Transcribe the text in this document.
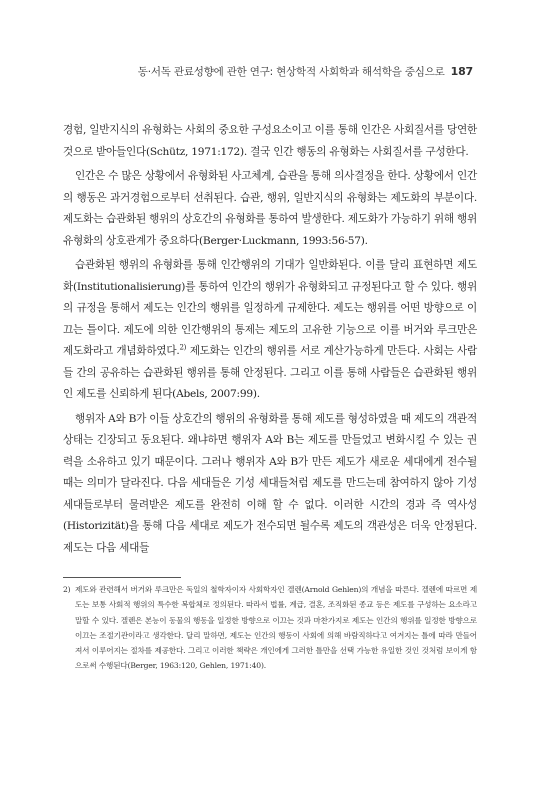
동·서독 관료성향에 관한 연구: 현상학적 사회학과 해석학을 중심으로 187

경험, 일반지식의 유형화는 사회의 중요한 구성요소이고 이를 통해 인간은 사회질서를 당연한 것으로 받아들인다(Schütz, 1971:172). 결국 인간 행동의 유형화는 사회질서를 구성한다.

인간은 수 많은 상황에서 유형화된 사고체계, 습관을 통해 의사결정을 한다. 상황에서 인간의 행동은 과거경험으로부터 선취된다. 습관, 행위, 일반지식의 유형화는 제도화의 부분이다. 제도화는 습관화된 행위의 상호간의 유형화를 통하여 발생한다. 제도화가 가능하기 위해 행위 유형화의 상호관계가 중요하다(Berger·Luckmann, 1993:56-57).

습관화된 행위의 유형화를 통해 인간행위의 기대가 일반화된다. 이를 달리 표현하면 제도화(Institutionalisierung)를 통하여 인간의 행위가 유형화되고 규정된다고 할 수 있다. 행위의 규정을 통해서 제도는 인간의 행위를 일정하게 규제한다. 제도는 행위를 어떤 방향으로 이끄는 틀이다. 제도에 의한 인간행위의 통제는 제도의 고유한 기능으로 이를 버거와 루크만은 제도화라고 개념화하였다.$^{2)}$ 제도화는 인간의 행위를 서로 계산가능하게 만든다. 사회는 사람들 간의 공유하는 습관화된 행위를 통해 안정된다. 그리고 이를 통해 사람들은 습관화된 행위인 제도를 신뢰하게 된다(Abels, 2007:99).

행위자 A와 B가 이들 상호간의 행위의 유형화를 통해 제도를 형성하였을 때 제도의 객관적 상태는 긴장되고 동요된다. 왜냐하면 행위자 A와 B는 제도를 만들었고 변화시킬 수 있는 권력을 소유하고 있기 때문이다. 그러나 행위자 A와 B가 만든 제도가 새로운 세대에게 전수될 때는 의미가 달라진다. 다음 세대들은 기성 세대들처럼 제도를 만드는데 참여하지 않아 기성 세대들로부터 물려받은 제도를 완전히 이해 할 수 없다. 이러한 시간의 경과 즉 역사성(Historizität)을 통해 다음 세대로 제도가 전수되면 될수록 제도의 객관성은 더욱 안정된다. 제도는 다음 세대들

2) 제도와 관련해서 버거와 루크만은 독일의 철학자이자 사회학자인 겔렌(Arnold Gehlen)의 개념을 따른다. 겔렌에 따르면 제도는 보통 사회적 행위의 특수한 복합체로 정의된다. 따라서 법률, 계급, 결혼, 조직화된 종교 등은 제도를 구성하는 요소라고 말할 수 있다. 겔렌은 본능이 동물의 행동을 일정한 방향으로 이끄는 것과 마찬가지로 제도는 인간의 행위를 일정한 방향으로 이끄는 조절기관이라고 생각한다. 달리 말하면, 제도는 인간의 행동이 사회에 의해 바람직하다고 여겨지는 틀에 따라 만들어져서 이루어지는 절차를 제공한다. 그리고 이러한 책략은 개인에게 그러한 틀만을 선택 가능한 유일한 것인 것처럼 보이게 함으로써 수행된다(Berger, 1963:120, Gehlen, 1971:40).
